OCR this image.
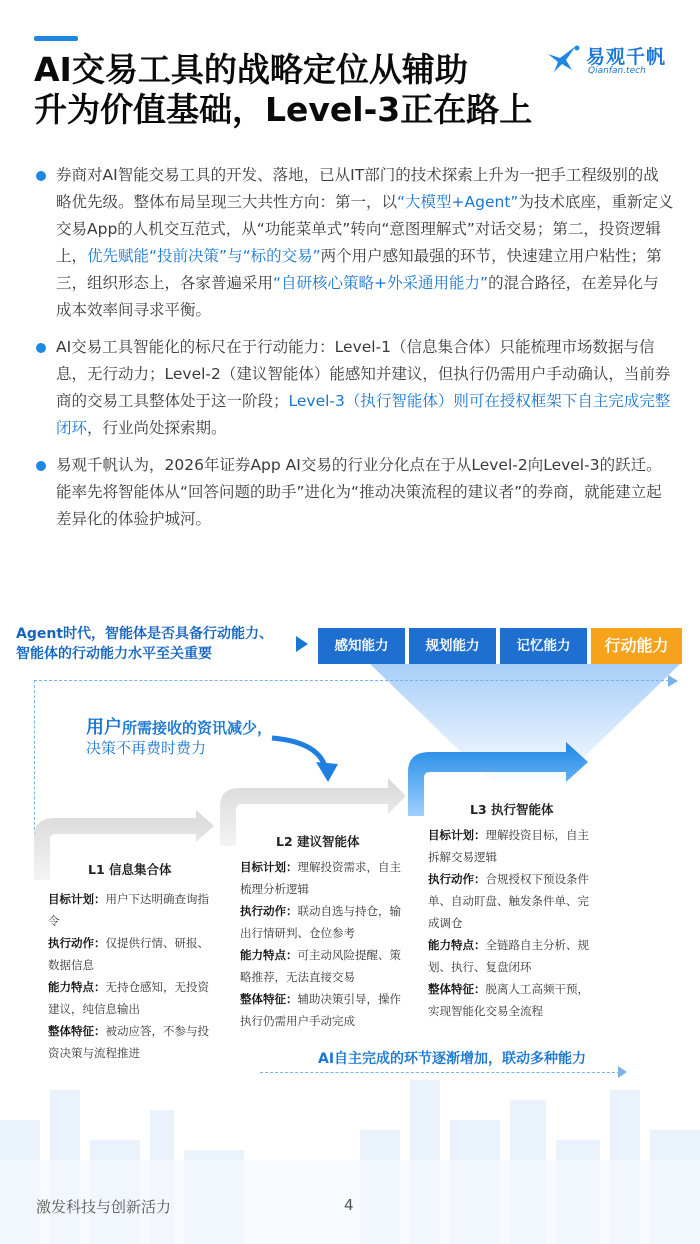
AI交易工具的战略定位从辅助
升为价值基础，Level-3正在路上
易观千帆
Qianfan.tech
券商对AI智能交易工具的开发、落地，已从IT部门的技术探索上升为一把手工程级别的战略优先级。整体布局呈现三大共性方向：第一，以“大模型+Agent”为技术底座，重新定义交易App的人机交互范式，从“功能菜单式”转向“意图理解式”对话交易；第二，投资逻辑上，优先赋能“投前决策”与“标的交易”两个用户感知最强的环节，快速建立用户粘性；第三，组织形态上，各家普遍采用“自研核心策略+外采通用能力”的混合路径，在差异化与成本效率间寻求平衡。
AI交易工具智能化的标尺在于行动能力：Level-1（信息集合体）只能梳理市场数据与信息，无行动力；Level-2（建议智能体）能感知并建议，但执行仍需用户手动确认，当前券商的交易工具整体处于这一阶段；Level-3（执行智能体）则可在授权框架下自主完成完整闭环，行业尚处探索期。
易观千帆认为，2026年证券App AI交易的行业分化点在于从Level-2向Level-3的跃迁。能率先将智能体从“回答问题的助手”进化为“推动决策流程的建议者”的券商，就能建立起差异化的体验护城河。
Agent时代，智能体是否具备行动能力、
智能体的行动能力水平至关重要	感知能力	规划能力	记忆能力	行动能力
用户所需接收的资讯减少，
决策不再费时费力
★
L1 信息集合体
目标计划：用户下达明确查询指令
执行动作：仅提供行情、研报、数据信息
能力特点：无持仓感知，无投资建议，纯信息输出
整体特征：被动应答，不参与投资决策与流程推进
L2 建议智能体
目标计划：理解投资需求，自主梳理分析逻辑
执行动作：联动自选与持仓，输出行情研判、仓位参考
能力特点：可主动风险提醒、策略推荐，无法直接交易
整体特征：辅助决策引导，操作执行仍需用户手动完成
L3 执行智能体
目标计划：理解投资目标，自主拆解交易逻辑
执行动作：合规授权下预设条件单、自动盯盘、触发条件单、完成调仓
能力特点：全链路自主分析、规划、执行、复盘闭环
整体特征：脱离人工高频干预，实现智能化交易全流程
AI自主完成的环节逐渐增加，联动多种能力
激发科技与创新活力	4
